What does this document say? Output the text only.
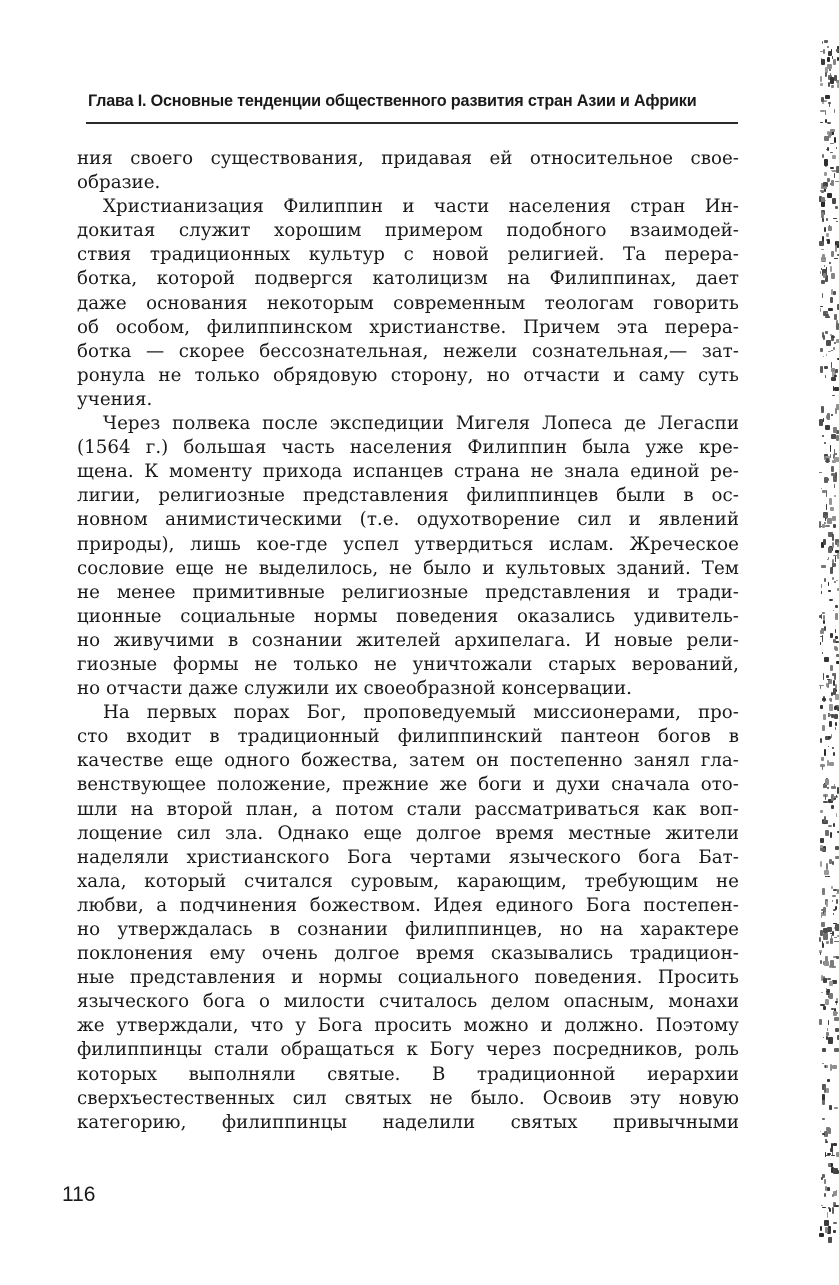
Глава I. Основные тенденции общественного развития стран Азии и Африки
ния своего существования, придавая ей относительное свое-
образие.
Христианизация Филиппин и части населения стран Ин-
докитая служит хорошим примером подобного взаимодей-
ствия традиционных культур с новой религией. Та перера-
ботка, которой подвергся католицизм на Филиппинах, дает
даже основания некоторым современным теологам говорить
об особом, филиппинском христианстве. Причем эта перера-
ботка — скорее бессознательная, нежели сознательная,— зат-
ронула не только обрядовую сторону, но отчасти и саму суть
учения.
Через полвека после экспедиции Мигеля Лопеса де Легаспи
(1564 г.) большая часть населения Филиппин была уже кре-
щена. К моменту прихода испанцев страна не знала единой ре-
лигии, религиозные представления филиппинцев были в ос-
новном анимистическими (т.е. одухотворение сил и явлений
природы), лишь кое-где успел утвердиться ислам. Жреческое
сословие еще не выделилось, не было и культовых зданий. Тем
не менее примитивные религиозные представления и тради-
ционные социальные нормы поведения оказались удивитель-
но живучими в сознании жителей архипелага. И новые рели-
гиозные формы не только не уничтожали старых верований,
но отчасти даже служили их своеобразной консервации.
На первых порах Бог, проповедуемый миссионерами, про-
сто входит в традиционный филиппинский пантеон богов в
качестве еще одного божества, затем он постепенно занял гла-
венствующее положение, прежние же боги и духи сначала ото-
шли на второй план, а потом стали рассматриваться как воп-
лощение сил зла. Однако еще долгое время местные жители
наделяли христианского Бога чертами языческого бога Бат-
хала, который считался суровым, карающим, требующим не
любви, а подчинения божеством. Идея единого Бога постепен-
но утверждалась в сознании филиппинцев, но на характере
поклонения ему очень долгое время сказывались традицион-
ные представления и нормы социального поведения. Просить
языческого бога о милости считалось делом опасным, монахи
же утверждали, что у Бога просить можно и должно. Поэтому
филиппинцы стали обращаться к Богу через посредников, роль
которых выполняли святые. В традиционной иерархии
сверхъестественных сил святых не было. Освоив эту новую
категорию, филиппинцы наделили святых привычными
116
